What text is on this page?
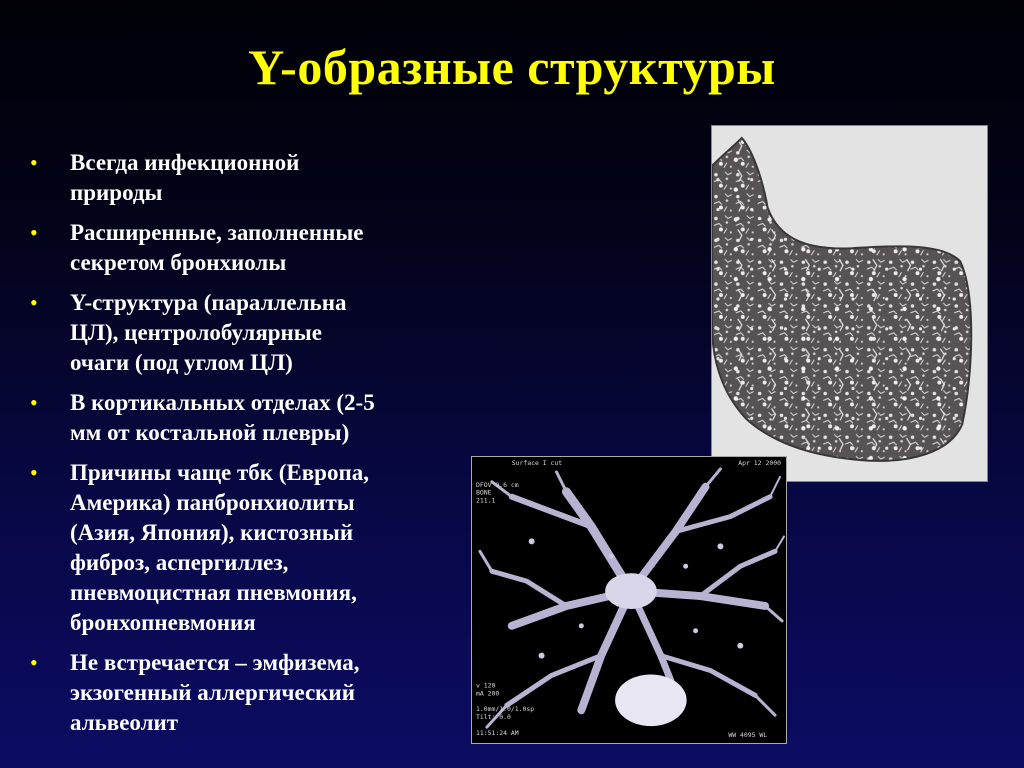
Y-образные структуры
• Всегда инфекционной
природы
• Расширенные, заполненные
секретом бронхиолы
• Y-структура (параллельна
ЦЛ), центролобулярные
очаги (под углом ЦЛ)
• В кортикальных отделах (2-5
мм от костальной плевры)
• Причины чаще тбк (Европа,
Америка) панбронхиолиты
(Азия, Япония), кистозный
фиброз, аспергиллез,
пневмоцистная пневмония,
бронхопневмония
• Не встречается – эмфизема,
экзогенный аллергический
альвеолит
Surface I cut	Apr 12 2000
DFOV 9.6 cm
BONE
211.1
v 120
mA 200
1.0mm/1.0/1.0sp
Tilt: 0.0
11:51:24 AM	WW 4095 WL
